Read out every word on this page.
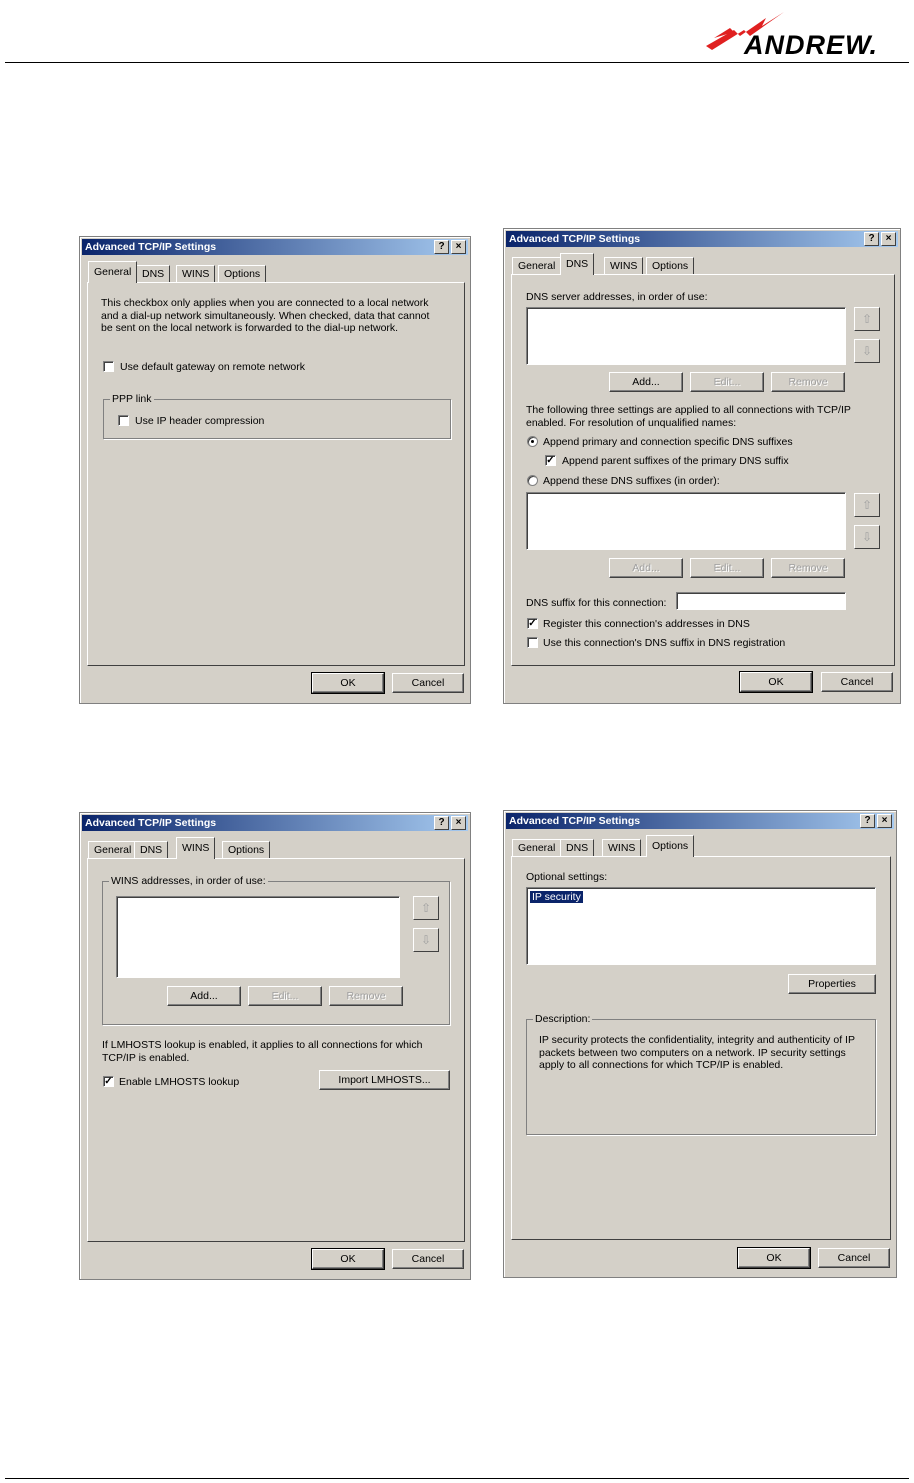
ANDREW.
Advanced TCP/IP Settings	?	×
General	DNS	WINS	Options
This checkbox only applies when you are connected to a local network and a dial-up network simultaneously. When checked, data that cannot be sent on the local network is forwarded to the dial-up network.
Use default gateway on remote network
PPP link
Use IP header compression
OK	Cancel
Advanced TCP/IP Settings	?	×
General	DNS	WINS	Options
DNS server addresses, in order of use:
⇧
⇩
Add...	Edit...	Remove
The following three settings are applied to all connections with TCP/IP enabled. For resolution of unqualified names:
Append primary and connection specific DNS suffixes
✓ Append parent suffixes of the primary DNS suffix
Append these DNS suffixes (in order):
⇧
⇩
Add...	Edit...	Remove
DNS suffix for this connection:
✓ Register this connection's addresses in DNS
Use this connection's DNS suffix in DNS registration
OK	Cancel
Advanced TCP/IP Settings	?	×
General DNS	WINS	Options
WINS addresses, in order of use:
⇧
⇩
Add...	Edit...	Remove
If LMHOSTS lookup is enabled, it applies to all connections for which TCP/IP is enabled.
✓ Enable LMHOSTS lookup	Import LMHOSTS...
OK	Cancel
Advanced TCP/IP Settings	?	×
General	DNS	WINS	Options
Optional settings:
IP security
Properties
Description:
IP security protects the confidentiality, integrity and authenticity of IP packets between two computers on a network. IP security settings apply to all connections for which TCP/IP is enabled.
OK	Cancel
